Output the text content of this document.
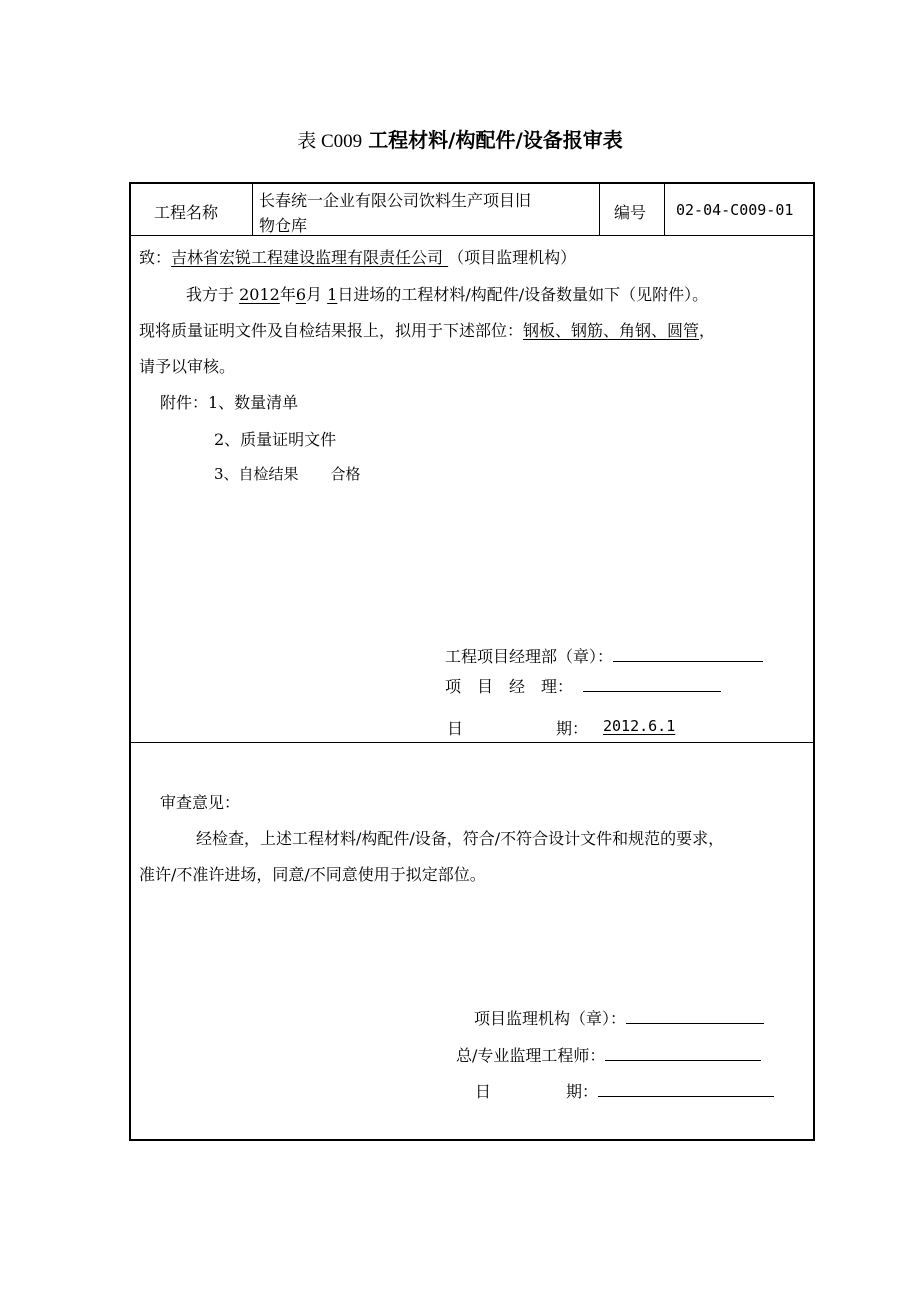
表 C009 工程材料/构配件/设备报审表
工程名称
长春统一企业有限公司饮料生产项目旧
物仓库
编号 02-04-C009-01
致：吉林省宏锐工程建设监理有限责任公司 （项目监理机构）
我方于 2012年6月 1日进场的工程材料/构配件/设备数量如下（见附件）。
现将质量证明文件及自检结果报上，拟用于下述部位：钢板、钢筋、角钢、圆管，
请予以审核。
附件：1、数量清单
2、质量证明文件
3、自检结果 合格
工程项目经理部（章）：
项　目　经　理：
日	期： 2012.6.1
审查意见：
经检查，上述工程材料/构配件/设备，符合/不符合设计文件和规范的要求，
准许/不准许进场，同意/不同意使用于拟定部位。
项目监理机构（章）：
总/专业监理工程师：
日	期：
